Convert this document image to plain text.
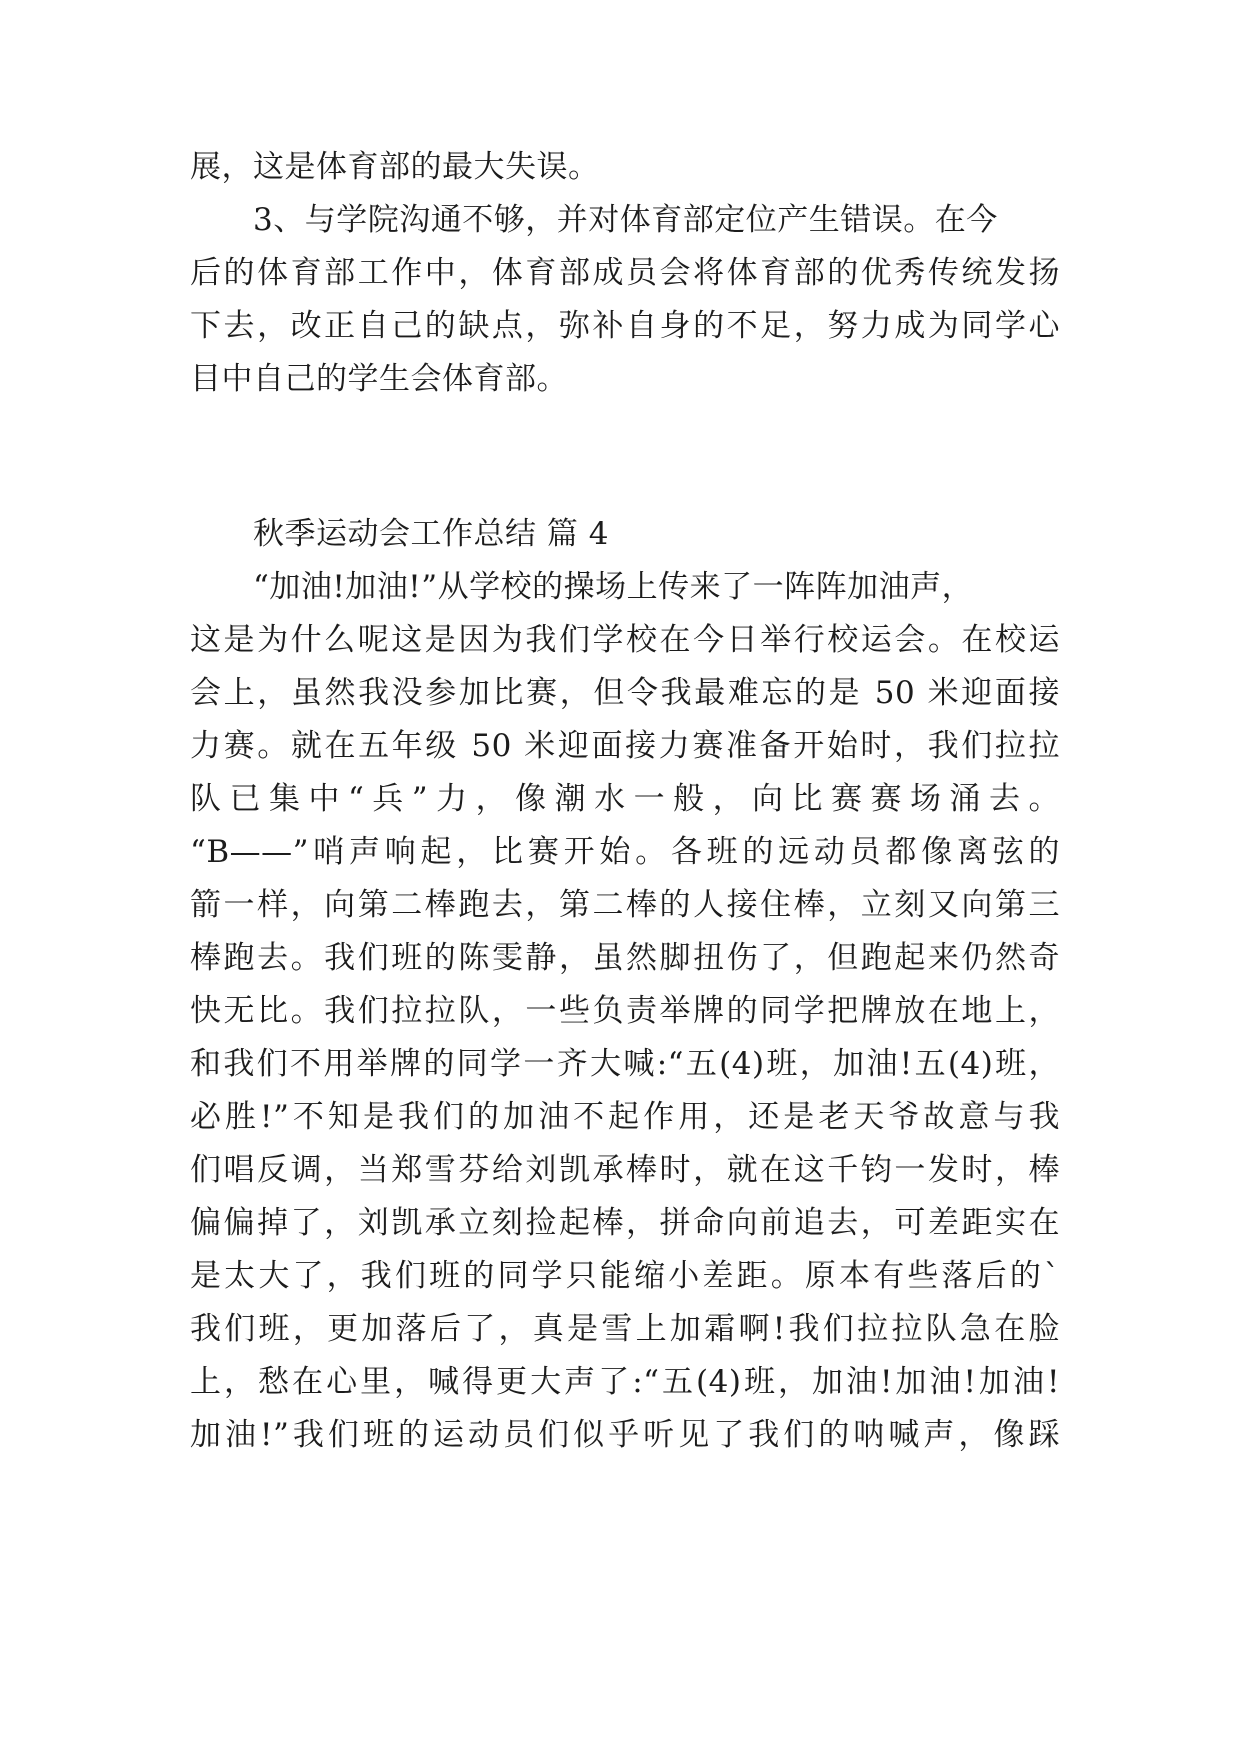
展，这是体育部的最大失误。
3、与学院沟通不够，并对体育部定位产生错误。在今
后的体育部工作中，体育部成员会将体育部的优秀传统发扬
下去，改正自己的缺点，弥补自身的不足，努力成为同学心
目中自己的学生会体育部。
秋季运动会工作总结 篇 4
“加油!加油!”从学校的操场上传来了一阵阵加油声，
这是为什么呢这是因为我们学校在今日举行校运会。在校运
会上，虽然我没参加比赛，但令我最难忘的是 50 米迎面接
力赛。就在五年级 50 米迎面接力赛准备开始时，我们拉拉
队已集中“兵”力，像潮水一般，向比赛赛场涌去。
“B——”哨声响起，比赛开始。各班的远动员都像离弦的
箭一样，向第二棒跑去，第二棒的人接住棒，立刻又向第三
棒跑去。我们班的陈雯静，虽然脚扭伤了，但跑起来仍然奇
快无比。我们拉拉队，一些负责举牌的同学把牌放在地上，
和我们不用举牌的同学一齐大喊:“五(4)班，加油!五(4)班，
必胜!”不知是我们的加油不起作用，还是老天爷故意与我
们唱反调，当郑雪芬给刘凯承棒时，就在这千钧一发时，棒
偏偏掉了，刘凯承立刻捡起棒，拼命向前追去，可差距实在
是太大了，我们班的同学只能缩小差距。原本有些落后的`
我们班，更加落后了，真是雪上加霜啊!我们拉拉队急在脸
上，愁在心里，喊得更大声了:“五(4)班，加油!加油!加油!
加油!”我们班的运动员们似乎听见了我们的呐喊声，像踩
